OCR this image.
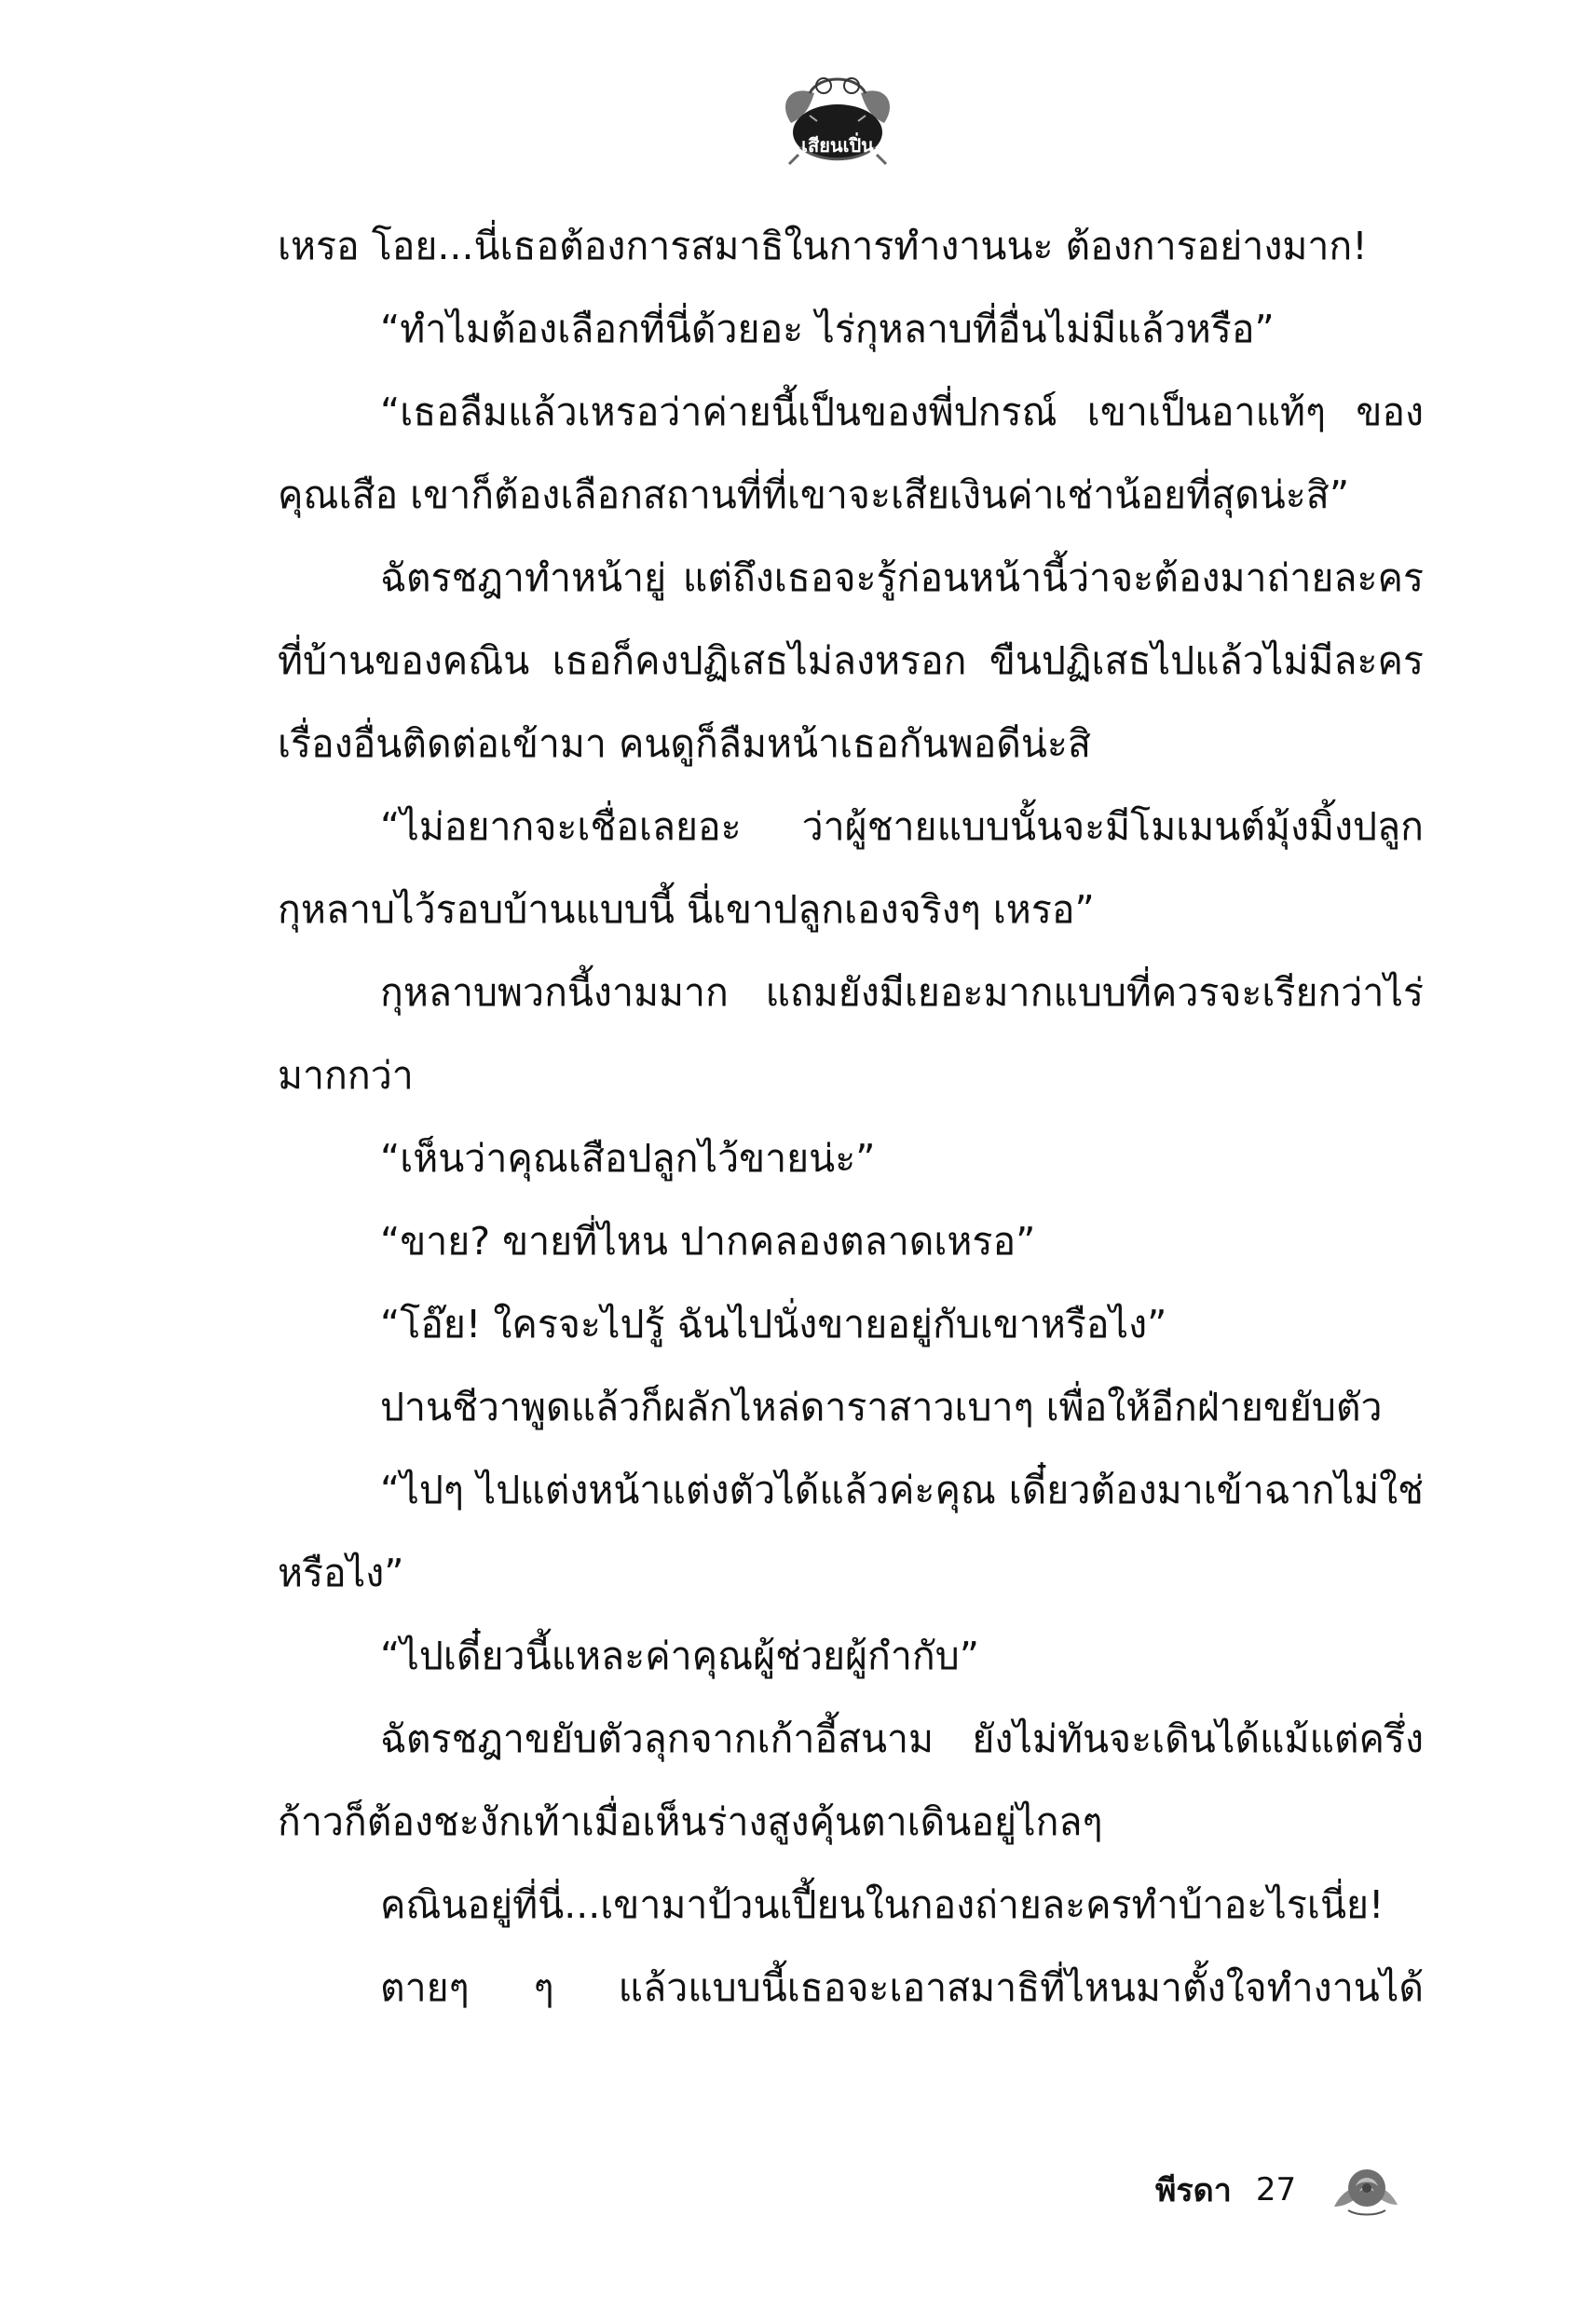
เสียนเปิ่น

เหรอ โอย...นี่เธอต้องการสมาธิในการทำงานนะ ต้องการอย่างมาก!

“ทำไมต้องเลือกที่นี่ด้วยอะ ไร่กุหลาบที่อื่นไม่มีแล้วหรือ”

“เธอลืมแล้วเหรอว่าค่ายนี้เป็นของพี่ปกรณ์ เขาเป็นอาแท้ๆ ของคุณเสือ เขาก็ต้องเลือกสถานที่ที่เขาจะเสียเงินค่าเช่าน้อยที่สุดน่ะสิ”

ฉัตรชฎาทำหน้ายู่ แต่ถึงเธอจะรู้ก่อนหน้านี้ว่าจะต้องมาถ่ายละครที่บ้านของคณิน เธอก็คงปฏิเสธไม่ลงหรอก ขืนปฏิเสธไปแล้วไม่มีละครเรื่องอื่นติดต่อเข้ามา คนดูก็ลืมหน้าเธอกันพอดีน่ะสิ

“ไม่อยากจะเชื่อเลยอะ ว่าผู้ชายแบบนั้นจะมีโมเมนต์มุ้งมิ้งปลูกกุหลาบไว้รอบบ้านแบบนี้ นี่เขาปลูกเองจริงๆ เหรอ”

กุหลาบพวกนี้งามมาก แถมยังมีเยอะมากแบบที่ควรจะเรียกว่าไร่มากกว่า

“เห็นว่าคุณเสือปลูกไว้ขายน่ะ”

“ขาย? ขายที่ไหน ปากคลองตลาดเหรอ”

“โอ๊ย! ใครจะไปรู้ ฉันไปนั่งขายอยู่กับเขาหรือไง”

ปานชีวาพูดแล้วก็ผลักไหล่ดาราสาวเบาๆ เพื่อให้อีกฝ่ายขยับตัว

“ไปๆ ไปแต่งหน้าแต่งตัวได้แล้วค่ะคุณ เดี๋ยวต้องมาเข้าฉากไม่ใช่หรือไง”

“ไปเดี๋ยวนี้แหละค่าคุณผู้ช่วยผู้กำกับ”

ฉัตรชฎาขยับตัวลุกจากเก้าอี้สนาม ยังไม่ทันจะเดินได้แม้แต่ครึ่งก้าวก็ต้องชะงักเท้าเมื่อเห็นร่างสูงคุ้นตาเดินอยู่ไกลๆ

คณินอยู่ที่นี่...เขามาป้วนเปี้ยนในกองถ่ายละครทำบ้าอะไรเนี่ย!

ตายๆ ๆ แล้วแบบนี้เธอจะเอาสมาธิที่ไหนมาตั้งใจทำงานได้

พีรดา 27
